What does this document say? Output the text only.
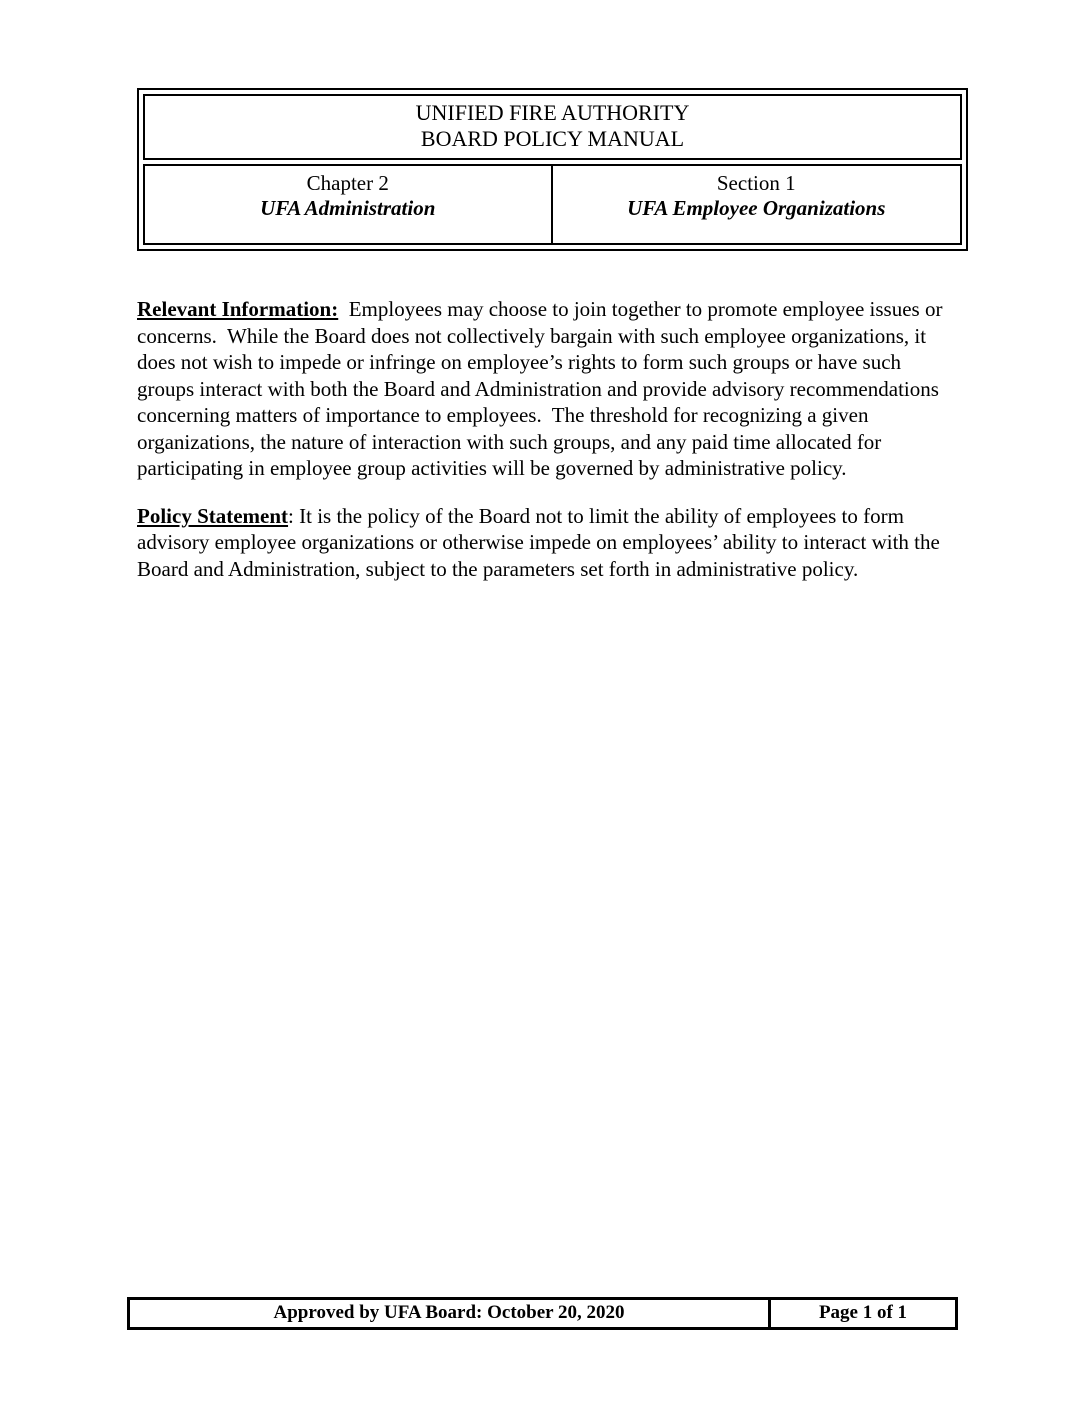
UNIFIED FIRE AUTHORITY
BOARD POLICY MANUAL
Chapter 2
UFA Administration
Section 1
UFA Employee Organizations

Relevant Information:  Employees may choose to join together to promote employee issues or  concerns.  While the Board does not collectively bargain with such employee organizations, it  does not wish to impede or infringe on employee’s rights to form such groups or have such  groups interact with both the Board and Administration and provide advisory recommendations  concerning matters of importance to employees.  The threshold for recognizing a given  organizations, the nature of interaction with such groups, and any paid time allocated for  participating in employee group activities will be governed by administrative policy.

Policy Statement: It is the policy of the Board not to limit the ability of employees to form advisory employee organizations or otherwise impede on employees’ ability to interact with the  Board and Administration, subject to the parameters set forth in administrative policy.

Approved by UFA Board: October 20, 2020	Page 1 of 1
